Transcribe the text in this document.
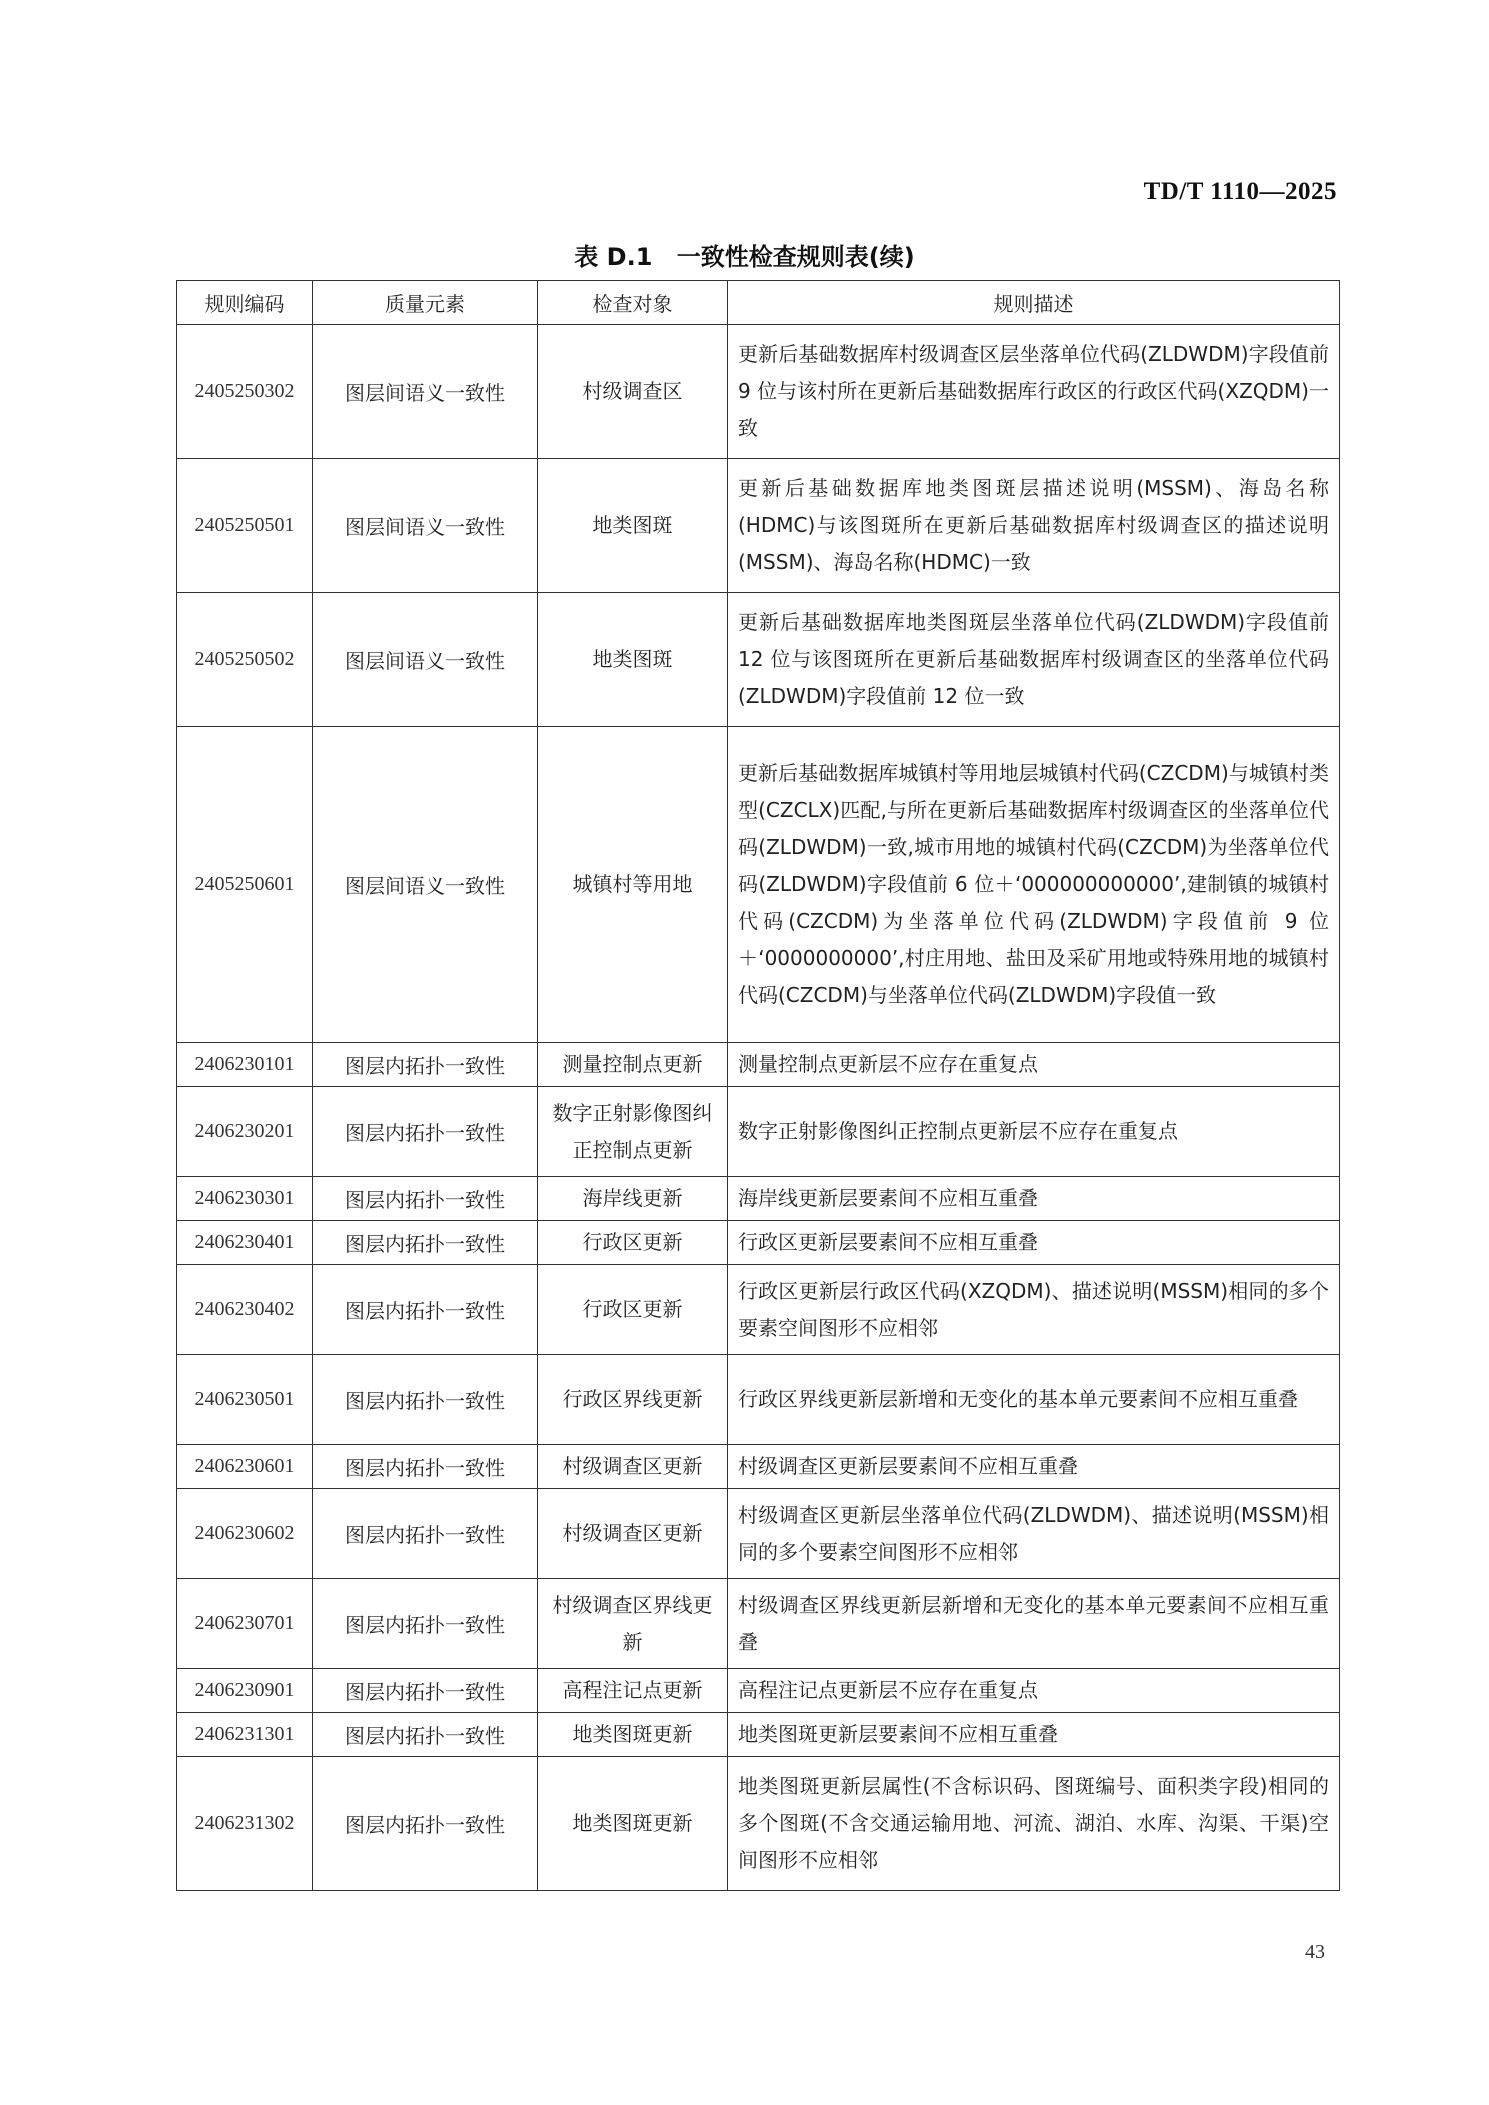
TD/T 1110—2025
表 D.1 一致性检查规则表(续)
规则编码	质量元素	检查对象	规则描述
2405250302	图层间语义一致性	村级调查区	更新后基础数据库村级调查区层坐落单位代码(ZLDWDM)字段值前 9 位与该村所在更新后基础数据库行政区的行政区代码(XZQDM)一致
2405250501	图层间语义一致性	地类图斑	更新后基础数据库地类图斑层描述说明(MSSM)、海岛名称(HDMC)与该图斑所在更新后基础数据库村级调查区的描述说明(MSSM)、海岛名称(HDMC)一致
2405250502	图层间语义一致性	地类图斑	更新后基础数据库地类图斑层坐落单位代码(ZLDWDM)字段值前 12 位与该图斑所在更新后基础数据库村级调查区的坐落单位代码(ZLDWDM)字段值前 12 位一致
2405250601	图层间语义一致性	城镇村等用地	更新后基础数据库城镇村等用地层城镇村代码(CZCDM)与城镇村类型(CZCLX)匹配,与所在更新后基础数据库村级调查区的坐落单位代码(ZLDWDM)一致,城市用地的城镇村代码(CZCDM)为坐落单位代码(ZLDWDM)字段值前 6 位＋‘000000000000’,建制镇的城镇村代码(CZCDM)为坐落单位代码(ZLDWDM)字段值前 9 位＋‘0000000000’,村庄用地、盐田及采矿用地或特殊用地的城镇村代码(CZCDM)与坐落单位代码(ZLDWDM)字段值一致
2406230101	图层内拓扑一致性	测量控制点更新	测量控制点更新层不应存在重复点
2406230201	图层内拓扑一致性	数字正射影像图纠正控制点更新	数字正射影像图纠正控制点更新层不应存在重复点
2406230301	图层内拓扑一致性	海岸线更新	海岸线更新层要素间不应相互重叠
2406230401	图层内拓扑一致性	行政区更新	行政区更新层要素间不应相互重叠
2406230402	图层内拓扑一致性	行政区更新	行政区更新层行政区代码(XZQDM)、描述说明(MSSM)相同的多个要素空间图形不应相邻
2406230501	图层内拓扑一致性	行政区界线更新	行政区界线更新层新增和无变化的基本单元要素间不应相互重叠
2406230601	图层内拓扑一致性	村级调查区更新	村级调查区更新层要素间不应相互重叠
2406230602	图层内拓扑一致性	村级调查区更新	村级调查区更新层坐落单位代码(ZLDWDM)、描述说明(MSSM)相同的多个要素空间图形不应相邻
2406230701	图层内拓扑一致性	村级调查区界线更新	村级调查区界线更新层新增和无变化的基本单元要素间不应相互重叠
2406230901	图层内拓扑一致性	高程注记点更新	高程注记点更新层不应存在重复点
2406231301	图层内拓扑一致性	地类图斑更新	地类图斑更新层要素间不应相互重叠
2406231302	图层内拓扑一致性	地类图斑更新	地类图斑更新层属性(不含标识码、图斑编号、面积类字段)相同的多个图斑(不含交通运输用地、河流、湖泊、水库、沟渠、干渠)空间图形不应相邻
43
